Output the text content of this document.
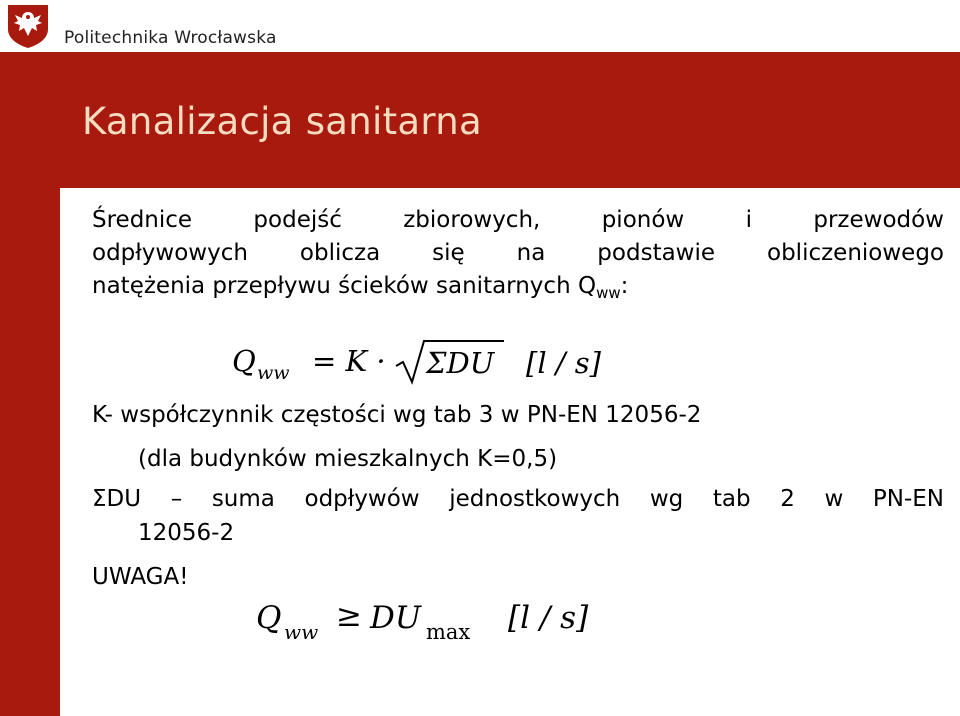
Politechnika Wrocławska
Kanalizacja sanitarna
Średnice podejść zbiorowych, pionów i przewodów
odpływowych oblicza się na podstawie obliczeniowego
natężenia przepływu ścieków sanitarnych $Q_{ww}$:
Q ww = K · ΣDU [l / s]
K- współczynnik częstości wg tab 3 w PN-EN 12056-2
(dla budynków mieszkalnych K=0,5)
ΣDU – suma odpływów jednostkowych wg tab 2 w PN-EN
12056-2
UWAGA!
Q ww ≥ DU max [l / s]
